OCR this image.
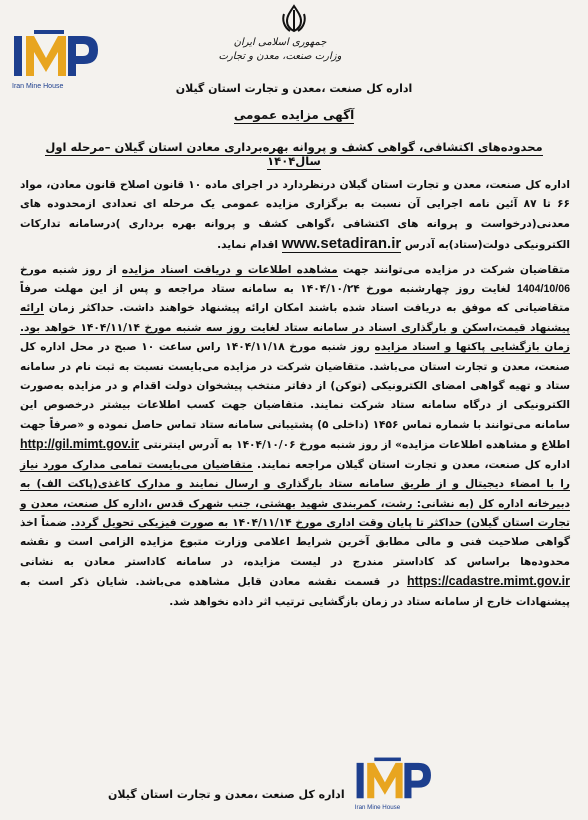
Iran Mine House
جمهوری اسلامی ایران
وزارت صنعت، معدن و تجارت
اداره کل صنعت ،معدن و تجارت استان گیلان
آگهی مزایده عمومی
محدوده‌های اکتشافی، گواهی کشف و پروانه بهره‌برداری معادن استان گیلان –مرحله اول سال۱۴۰۴

اداره کل صنعت، معدن و تجارت استان گیلان درنظردارد در اجرای ماده ۱۰ قانون اصلاح قانون معادن، مواد ۶۶ تا ۸۷ آئین نامه اجرایی آن نسبت به برگزاری مزایده عمومی یک مرحله ای تعدادی ازمحدوده های معدنی(درخواست و پروانه های اکتشافی ،گواهی کشف و پروانه بهره برداری )درسامانه تدارکات الکترونیکی دولت(ستاد)به آدرس www.setadiran.ir اقدام نماید.

متقاضیان شرکت در مزایده می‌توانند جهت مشاهده اطلاعات و دریافت اسناد مزایده از روز شنبه مورخ 1404/10/06 لغایت روز چهارشنبه مورخ ۱۴۰۴/۱۰/۲۴ به سامانه ستاد مراجعه و پس از این مهلت صرفاً متقاضیانی که موفق به دریافت اسناد شده باشند امکان ارائه پیشنهاد خواهند داشت. حداکثر زمان ارائه پیشنهاد قیمت،اسکن و بارگذاری اسناد در سامانه ستاد لغایت روز سه شنبه مورخ ۱۴۰۴/۱۱/۱۴ خواهد بود. زمان بازگشایی پاکتها و اسناد مزایده روز شنبه مورخ ۱۴۰۴/۱۱/۱۸ راس ساعت ۱۰ صبح در محل اداره کل صنعت، معدن و تجارت استان می‌باشد. متقاضیان شرکت در مزایده می‌بایست نسبت به ثبت نام در سامانه ستاد و تهیه گواهی امضای الکترونیکی (توکن) از دفاتر منتخب پیشخوان دولت اقدام و در مزایده به‌صورت الکترونیکی از درگاه سامانه ستاد شرکت نمایند. متقاضیان جهت کسب اطلاعات بیشتر درخصوص این سامانه می‌توانند با شماره تماس ۱۴۵۶ (داخلی ۵) پشتیبانی سامانه ستاد تماس حاصل نموده و «صرفاً جهت اطلاع و مشاهده اطلاعات مزایده» از روز شنبه مورخ ۱۴۰۴/۱۰/۰۶ به آدرس اینترنتی http://gil.mimt.gov.ir اداره کل صنعت، معدن و تجارت استان گیلان مراجعه نمایند. متقاضیان می‌بایست تمامی مدارک مورد نیاز را با امضاء دیجیتال و از طریق سامانه ستاد بارگذاری و ارسال نمایند و مدارک کاغذی(پاکت الف) به دبیرخانه اداره کل (به نشانی: رشت، کمربندی شهید بهشتی، جنب شهرک قدس ،اداره کل صنعت، معدن و تجارت استان گیلان) حداکثر تا پایان وقت اداری مورخ ۱۴۰۴/۱۱/۱۴ به صورت فیزیکی تحویل گردد. ضمناً اخذ گواهی صلاحیت فنی و مالی مطابق آخرین شرایط اعلامی وزارت متبوع مزایده الزامی است و نقشه محدوده‌ها براساس کد کاداستر مندرج در لیست مزایده، در سامانه کاداستر معادن به نشانی https://cadastre.mimt.gov.ir در قسمت نقشه معادن قابل مشاهده می‌باشد. شایان ذکر است به پیشنهادات خارج از سامانه ستاد در زمان بازگشایی ترتیب اثر داده نخواهد شد.

Iran Mine House
اداره کل صنعت ،معدن و تجارت استان گیلان
